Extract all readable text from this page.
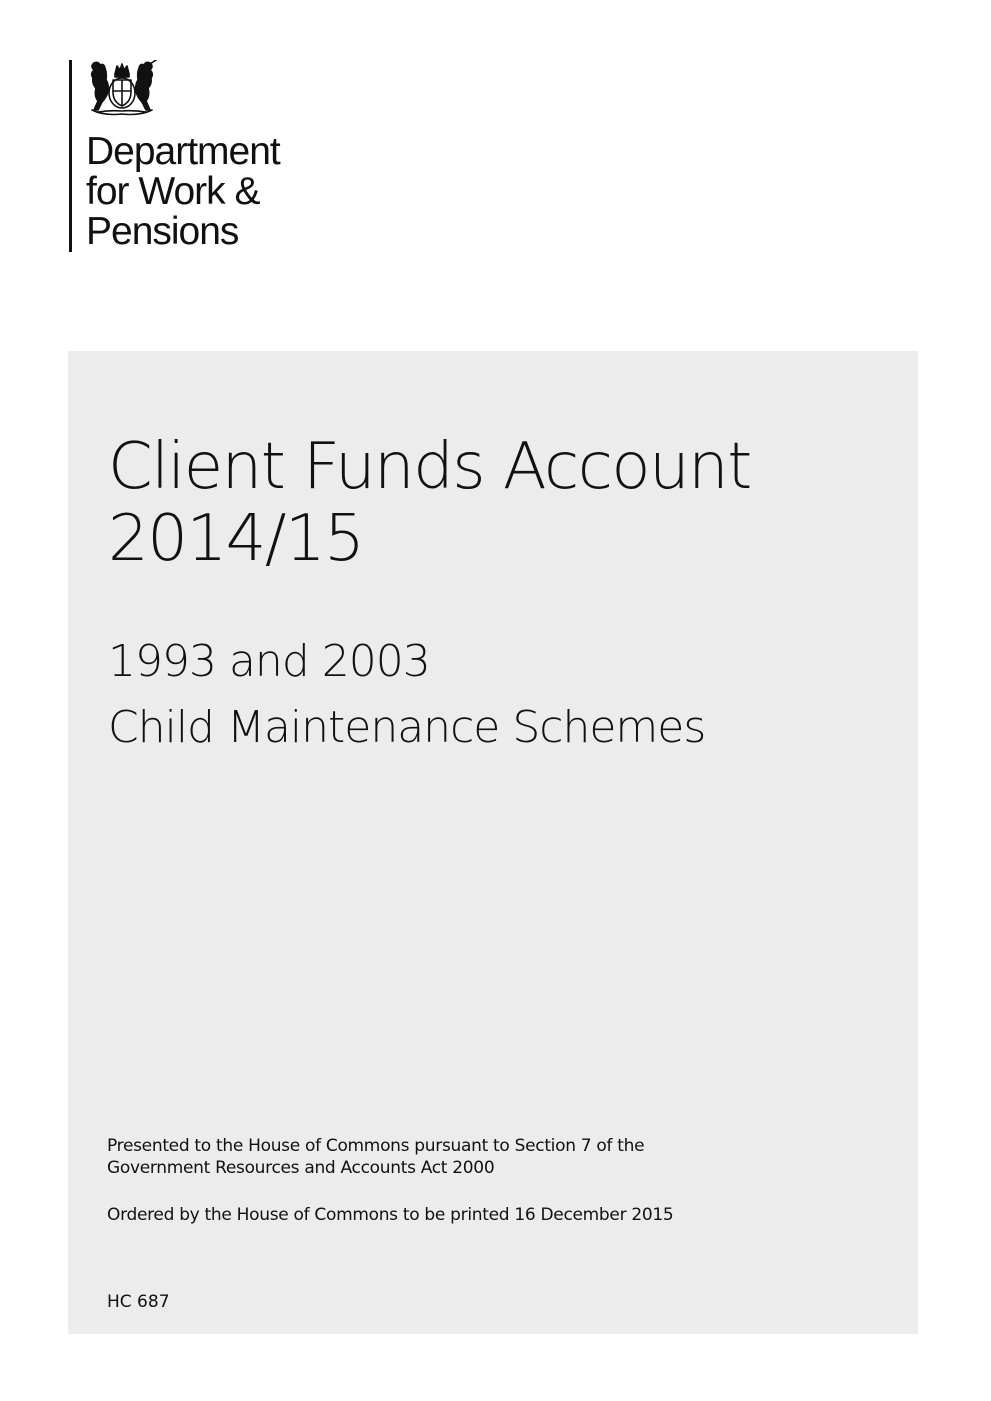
Department
for Work &
Pensions
Client Funds Account
2014/15
1993 and 2003
Child Maintenance Schemes
Presented to the House of Commons pursuant to Section 7 of the
Government Resources and Accounts Act 2000
Ordered by the House of Commons to be printed 16 December 2015
HC 687
